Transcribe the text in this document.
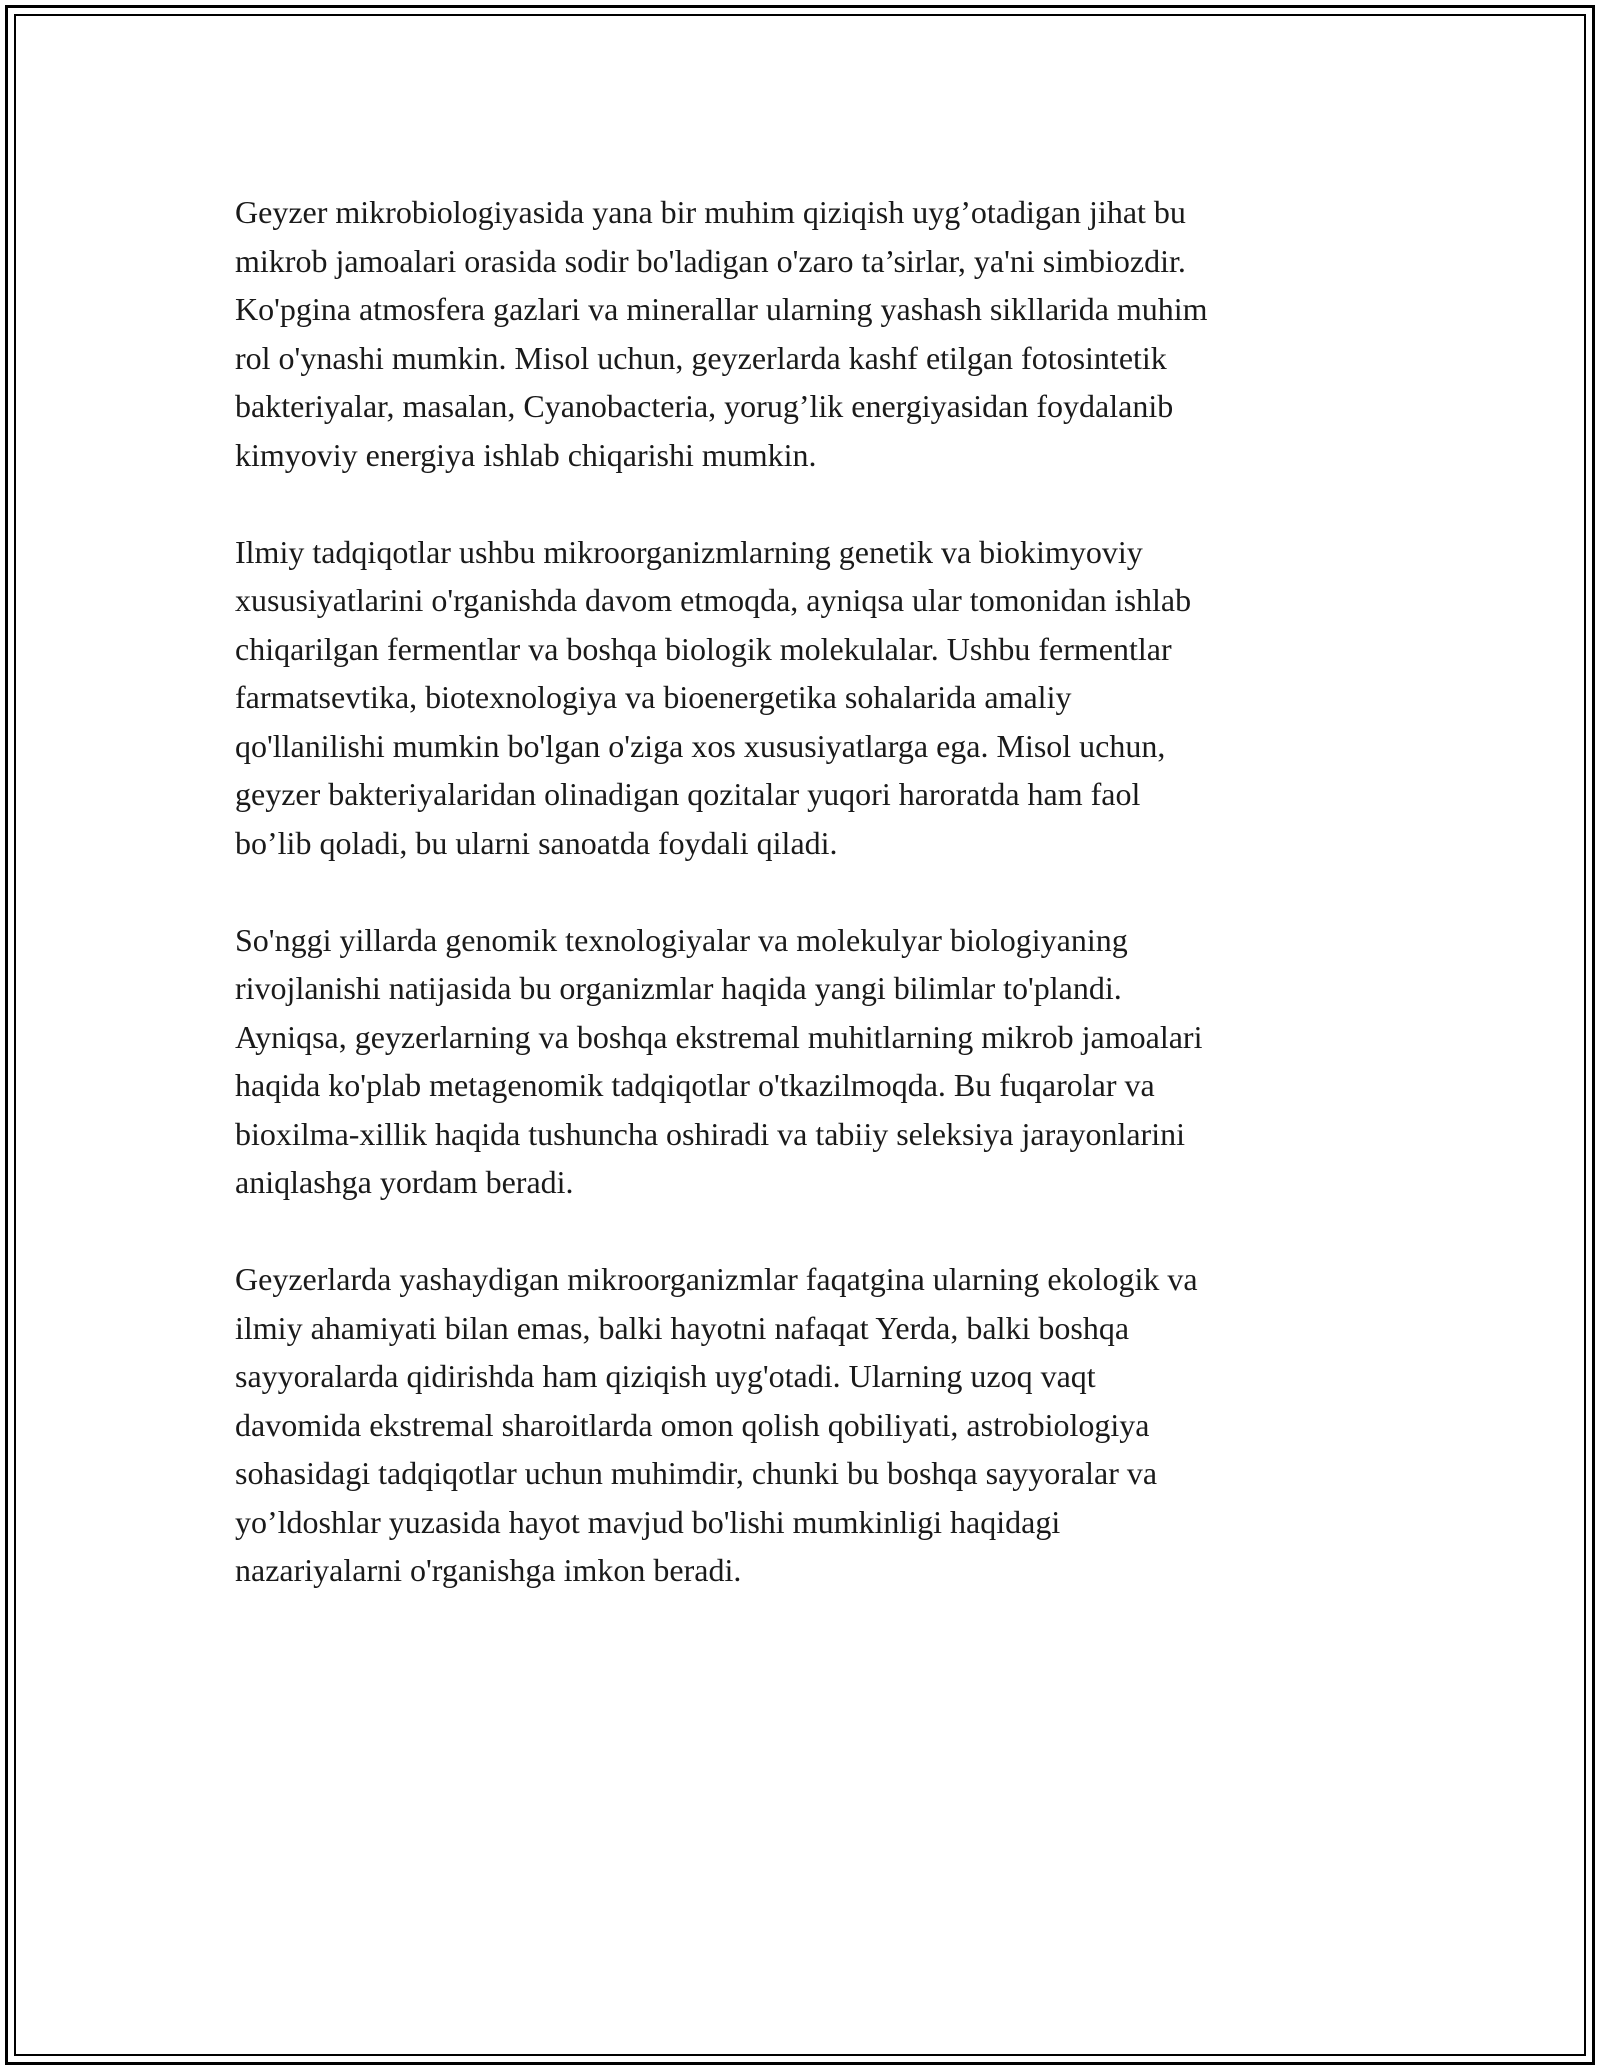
Geyzer mikrobiologiyasida yana bir muhim qiziqish uyg’otadigan jihat bu
mikrob jamoalari orasida sodir bo'ladigan o'zaro ta’sirlar, ya'ni simbiozdir.
Ko'pgina atmosfera gazlari va minerallar ularning yashash sikllarida muhim
rol o'ynashi mumkin. Misol uchun, geyzerlarda kashf etilgan fotosintetik
bakteriyalar, masalan, Cyanobacteria, yorug’lik energiyasidan foydalanib
kimyoviy energiya ishlab chiqarishi mumkin.

Ilmiy tadqiqotlar ushbu mikroorganizmlarning genetik va biokimyoviy
xususiyatlarini o'rganishda davom etmoqda, ayniqsa ular tomonidan ishlab
chiqarilgan fermentlar va boshqa biologik molekulalar. Ushbu fermentlar
farmatsevtika, biotexnologiya va bioenergetika sohalarida amaliy
qo'llanilishi mumkin bo'lgan o'ziga xos xususiyatlarga ega. Misol uchun,
geyzer bakteriyalaridan olinadigan qozitalar yuqori haroratda ham faol
bo’lib qoladi, bu ularni sanoatda foydali qiladi.

So'nggi yillarda genomik texnologiyalar va molekulyar biologiyaning
rivojlanishi natijasida bu organizmlar haqida yangi bilimlar to'plandi.
Ayniqsa, geyzerlarning va boshqa ekstremal muhitlarning mikrob jamoalari
haqida ko'plab metagenomik tadqiqotlar o'tkazilmoqda. Bu fuqarolar va
bioxilma-xillik haqida tushuncha oshiradi va tabiiy seleksiya jarayonlarini
aniqlashga yordam beradi.

Geyzerlarda yashaydigan mikroorganizmlar faqatgina ularning ekologik va
ilmiy ahamiyati bilan emas, balki hayotni nafaqat Yerda, balki boshqa
sayyoralarda qidirishda ham qiziqish uyg'otadi. Ularning uzoq vaqt
davomida ekstremal sharoitlarda omon qolish qobiliyati, astrobiologiya
sohasidagi tadqiqotlar uchun muhimdir, chunki bu boshqa sayyoralar va
yo’ldoshlar yuzasida hayot mavjud bo'lishi mumkinligi haqidagi
nazariyalarni o'rganishga imkon beradi.
